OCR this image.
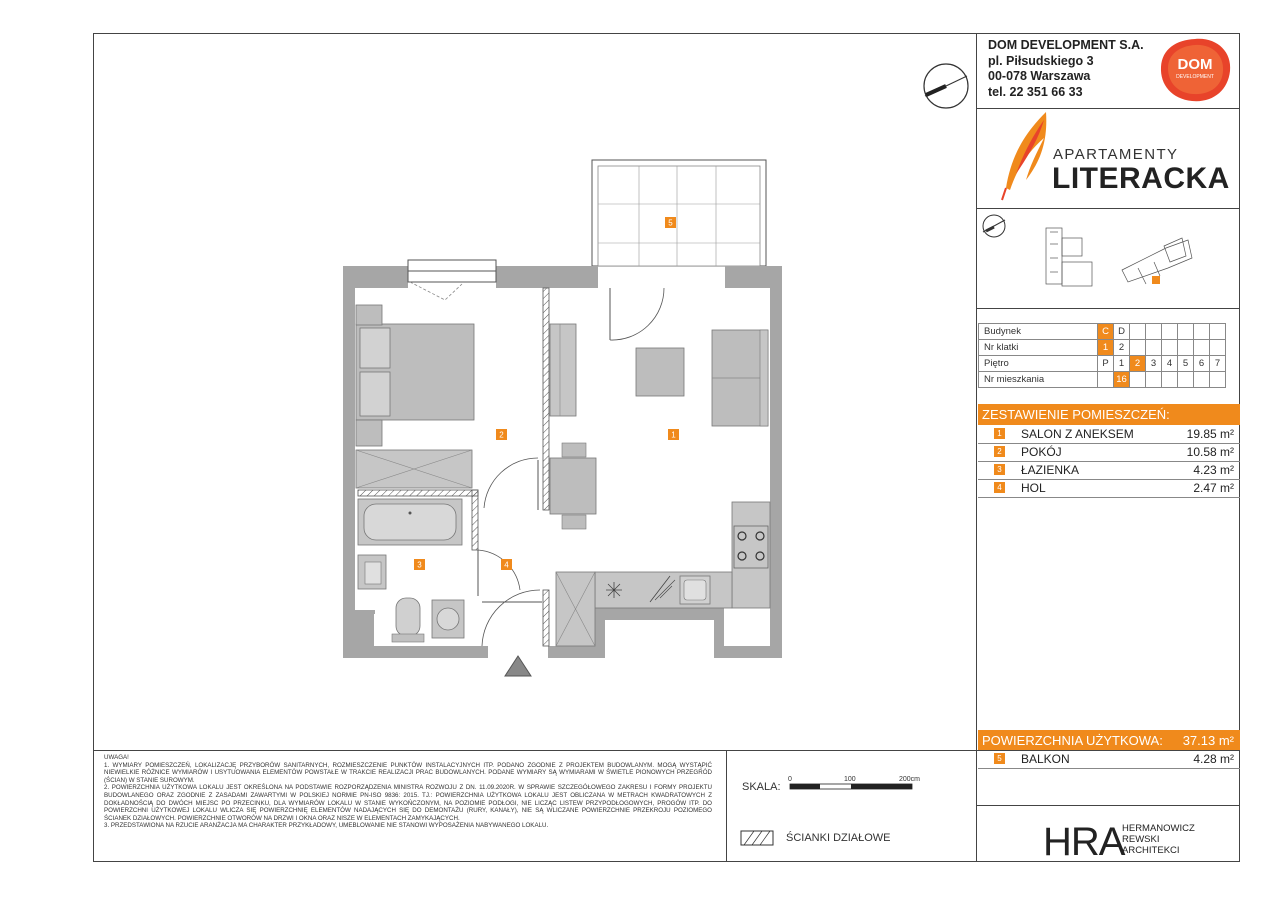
DOM DEVELOPMENT S.A.
pl. Piłsudskiego 3
00-078 Warszawa
tel. 22 351 66 33
DOM
DEVELOPMENT
APARTAMENTY
LITERACKA
Budynek	C	D						
Nr klatki	1	2						
Piętro	P	1	2	3	4	5	6	7
Nr mieszkania		16						
ZESTAWIENIE POMIESZCZEŃ:
1 SALON Z ANEKSEM	19.85 m²
2 POKÓJ	10.58 m²
3 ŁAZIENKA	4.23 m²
4 HOL	2.47 m²
POWIERZCHNIA UŻYTKOWA: 37.13 m²
5 BALKON	4.28 m²
UWAGA!
1. WYMIARY POMIESZCZEŃ, LOKALIZACJĘ PRZYBORÓW SANITARNYCH, ROZMIESZCZENIE PUNKTÓW INSTALACYJNYCH ITP. PODANO ZGODNIE Z PROJEKTEM BUDOWLANYM. MOGĄ WYSTĄPIĆ NIEWIELKIE RÓŻNICE WYMIARÓW I USYTUOWANIA ELEMENTÓW POWSTAŁE W TRAKCIE REALIZACJI PRAC BUDOWLANYCH. PODANE WYMIARY SĄ WYMIARAMI W ŚWIETLE PIONOWYCH PRZEGRÓD (ŚCIAN) W STANIE SUROWYM.
2. POWIERZCHNIA UŻYTKOWA LOKALU JEST OKREŚLONA NA PODSTAWIE ROZPORZĄDZENIA MINISTRA ROZWOJU Z DN. 11.09.2020R. W SPRAWIE SZCZEGÓŁOWEGO ZAKRESU I FORMY PROJEKTU BUDOWLANEGO ORAZ ZGODNIE Z ZASADAMI ZAWARTYMI W POLSKIEJ NORMIE PN-ISO 9836: 2015. TJ.: POWIERZCHNIA UŻYTKOWA LOKALU JEST OBLICZANA W METRACH KWADRATOWYCH Z DOKŁADNOŚCIĄ DO DWÓCH MIEJSC PO PRZECINKU, DLA WYMIARÓW LOKALU W STANIE WYKOŃCZONYM, NA POZIOMIE PODŁOGI, NIE LICZĄC LISTEW PRZYPODŁOGOWYCH, PROGÓW ITP. DO POWIERZCHNI UŻYTKOWEJ LOKALU WLICZA SIĘ POWIERZCHNIĘ ELEMENTÓW NADAJĄCYCH SIĘ DO DEMONTAŻU (RURY, KANAŁY), NIE SĄ WLICZANE POWIERZCHNIE PRZEKROJU POZIOMEGO ŚCIANEK DZIAŁOWYCH. POWIERZCHNIE OTWORÓW NA DRZWI I OKNA ORAZ NISZE W ELEMENTACH ZAMYKAJĄCYCH.
3. PRZEDSTAWIONA NA RZUCIE ARANŻACJA MA CHARAKTER PRZYKŁADOWY, UMEBLOWANIE NIE STANOWI WYPOSAŻENIA NABYWANEGO LOKALU.
SKALA:
0	100	200cm
ŚCIANKI DZIAŁOWE	HRA
HERMANOWICZ
REWSKI
ARCHITEKCI
5
1
2
3	4
